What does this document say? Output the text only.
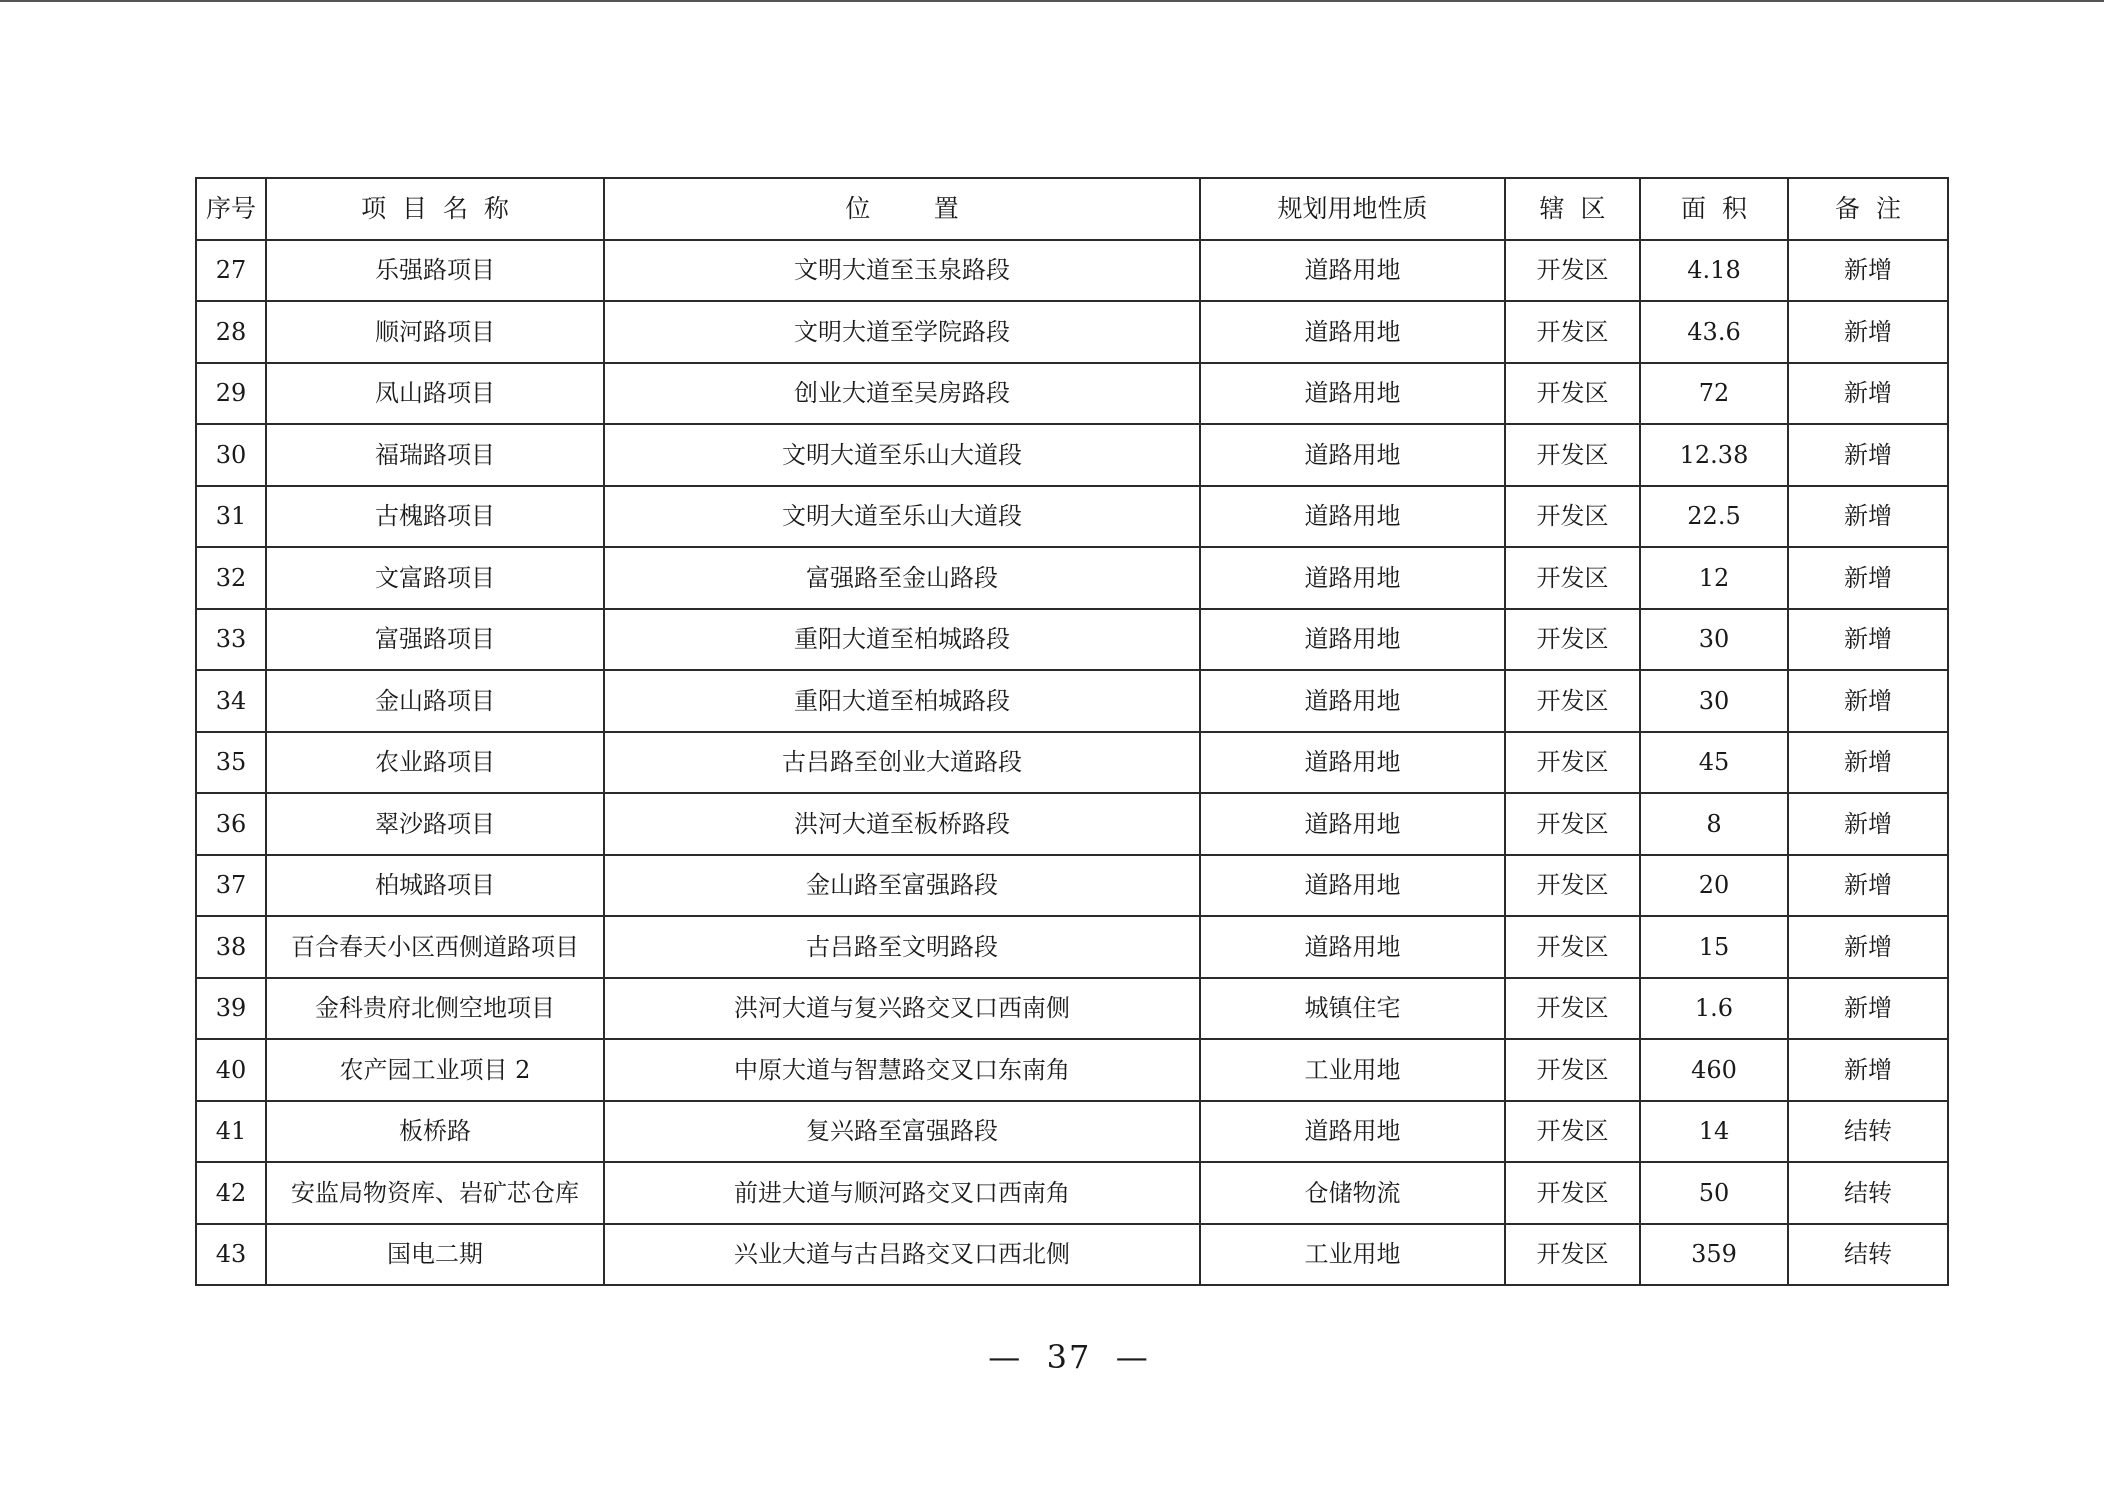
序号	项  目  名  称	位        置	规划用地性质	辖  区	面  积	备  注
27	乐强路项目	文明大道至玉泉路段	道路用地	开发区	4.18	新增
28	顺河路项目	文明大道至学院路段	道路用地	开发区	43.6	新增
29	凤山路项目	创业大道至吴房路段	道路用地	开发区	72	新增
30	福瑞路项目	文明大道至乐山大道段	道路用地	开发区	12.38	新增
31	古槐路项目	文明大道至乐山大道段	道路用地	开发区	22.5	新增
32	文富路项目	富强路至金山路段	道路用地	开发区	12	新增
33	富强路项目	重阳大道至柏城路段	道路用地	开发区	30	新增
34	金山路项目	重阳大道至柏城路段	道路用地	开发区	30	新增
35	农业路项目	古吕路至创业大道路段	道路用地	开发区	45	新增
36	翠沙路项目	洪河大道至板桥路段	道路用地	开发区	8	新增
37	柏城路项目	金山路至富强路段	道路用地	开发区	20	新增
38	百合春天小区西侧道路项目	古吕路至文明路段	道路用地	开发区	15	新增
39	金科贵府北侧空地项目	洪河大道与复兴路交叉口西南侧	城镇住宅	开发区	1.6	新增
40	农产园工业项目 2	中原大道与智慧路交叉口东南角	工业用地	开发区	460	新增
41	板桥路	复兴路至富强路段	道路用地	开发区	14	结转
42	安监局物资库、岩矿芯仓库	前进大道与顺河路交叉口西南角	仓储物流	开发区	50	结转
43	国电二期	兴业大道与古吕路交叉口西北侧	工业用地	开发区	359	结转
—  37  —
